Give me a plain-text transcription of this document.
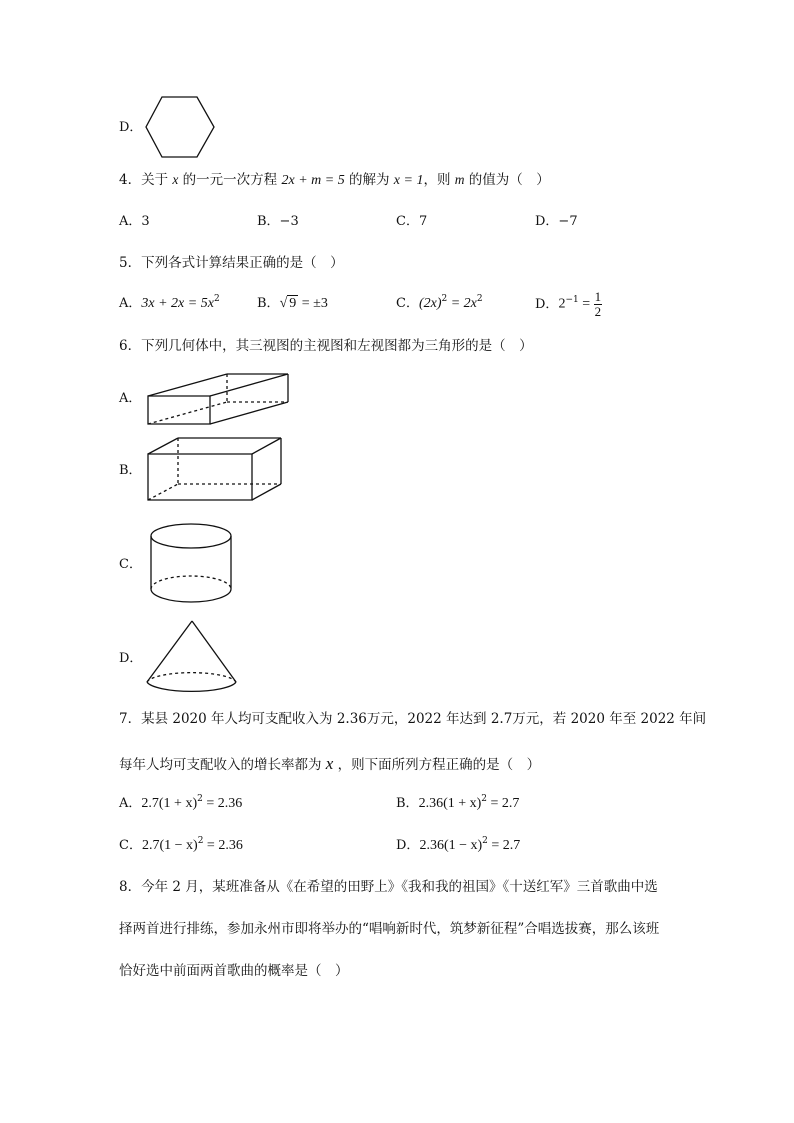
D．
4．关于 x 的一元一次方程 2x + m = 5 的解为 x = 1，则 m 的值为（　）
A．3	B．−3	C．7	D．−7
5．下列各式计算结果正确的是（　）
A．$3x + 2x = 5x^2$	B．√ 9 = ±3	C．$(2x)^2 = 2x^2$	D．$2^{-1} = \frac{1}{2}$
6．下列几何体中，其三视图的主视图和左视图都为三角形的是（　）
A．
B．
C．
D．
7．某县 2020 年人均可支配收入为 2.36万元，2022 年达到 2.7万元，若 2020 年至 2022 年间
每年人均可支配收入的增长率都为 x ，则下面所列方程正确的是（　）
A．$2.7(1 + x)^2 = 2.36$	B．$2.36(1 + x)^2 = 2.7$
C．$2.7(1 - x)^2 = 2.36$	D．$2.36(1 - x)^2 = 2.7$
8．今年 2 月，某班准备从《在希望的田野上》《我和我的祖国》《十送红军》三首歌曲中选
择两首进行排练，参加永州市即将举办的“唱响新时代，筑梦新征程”合唱选拔赛，那么该班
恰好选中前面两首歌曲的概率是（　）
